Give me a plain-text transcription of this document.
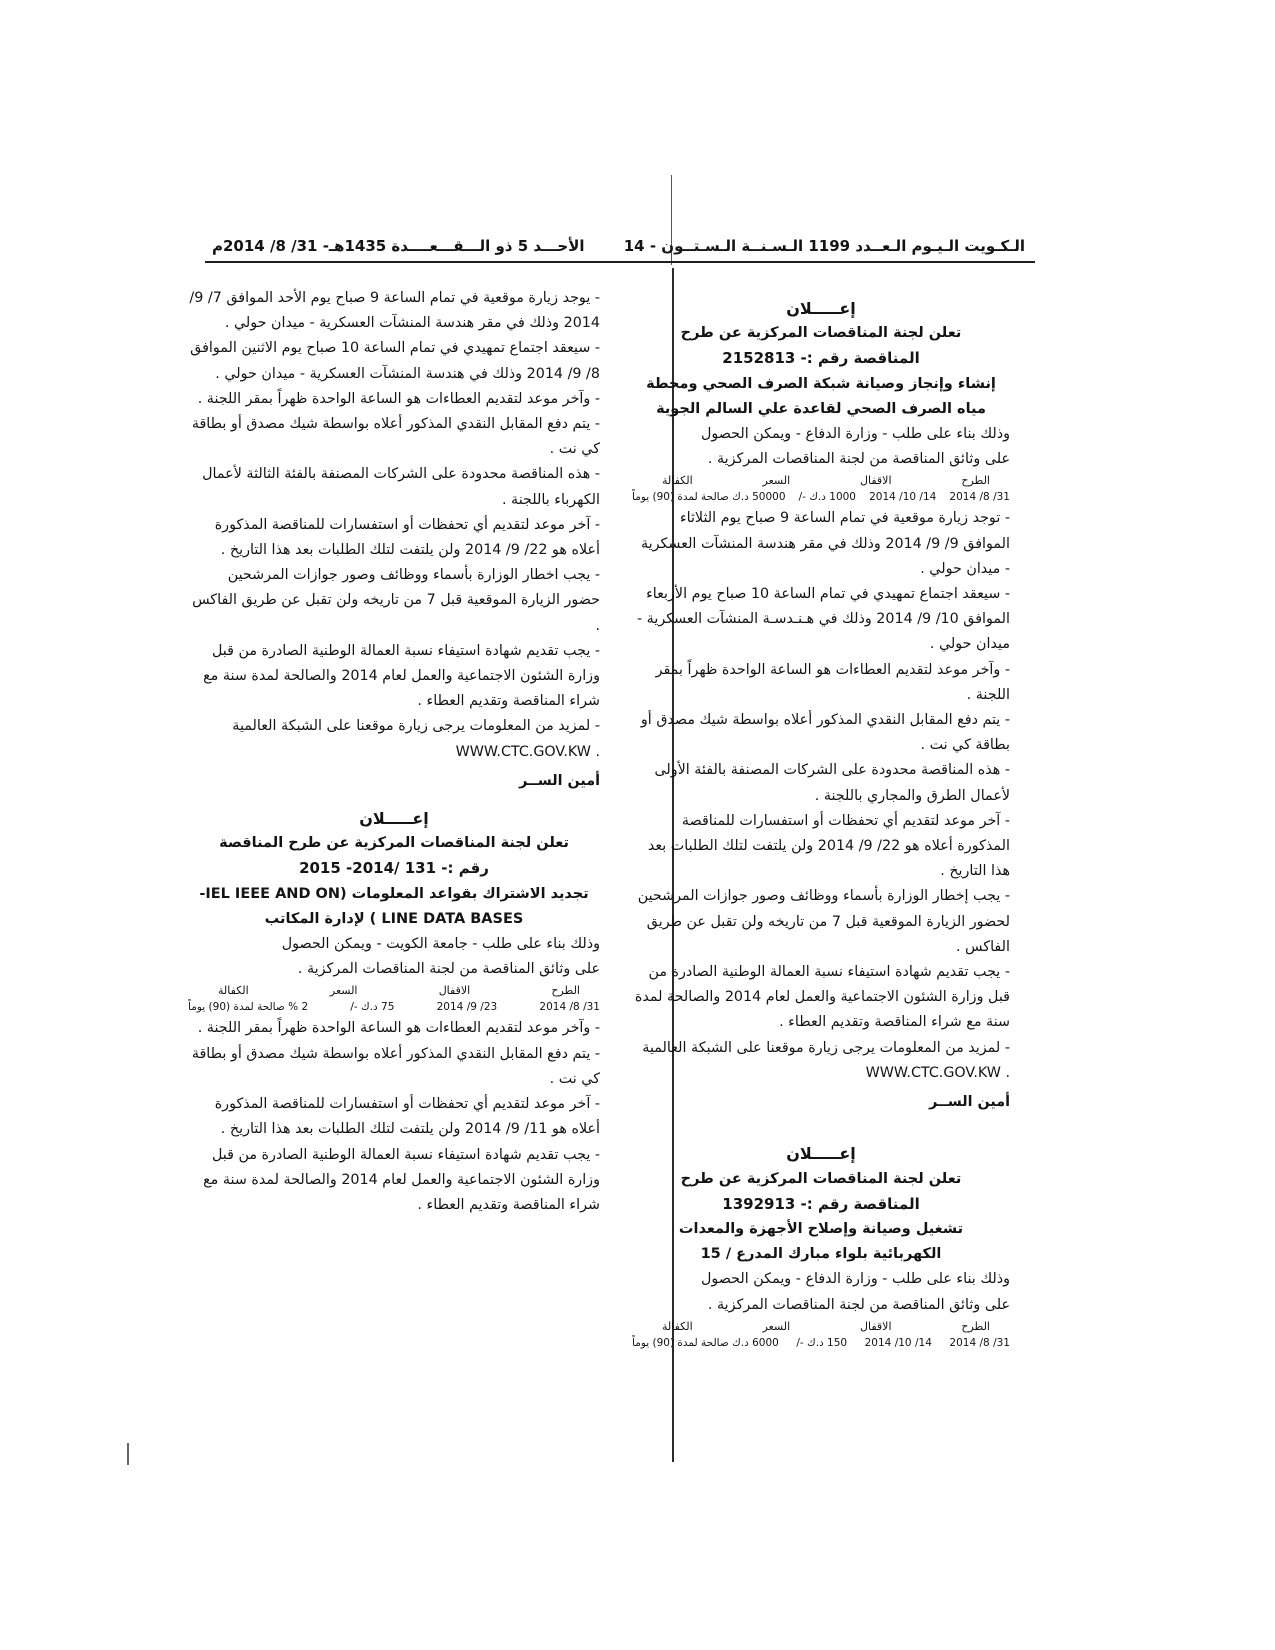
الـكـويت الـيـوم الـعــدد 1199 الـسـنــة الـسـتــون - 14
الأحـــد 5 ذو الـــقـــعــــدة 1435هـ- 31/ 8/ 2014م
إعـــــلان
تعلن لجنة المناقصات المركزية عن طرح
المناقصة رقم :- 2152813
إنشاء وإنجاز وصيانة شبكة الصرف الصحي ومحطة
مياه الصرف الصحي لقاعدة علي السالم الجوية

وذلك بناء على طلب - وزارة الدفاع - ويمكن الحصول

على وثائق المناقصة من لجنة المناقصات المركزية .

الطرح
الاقفال
السعر
الكفالة
31/ 8/ 2014
14/ 10/ 2014
1000 د.ك -/
50000 د.ك صالحة لمدة (90) يوماً

- توجد زيارة موقعية في تمام الساعة 9 صباح يوم الثلاثاء الموافق 9/ 9/ 2014 وذلك في مقر هندسة المنشآت العسكرية - ميدان حولي .

- سيعقد اجتماع تمهيدي في تمام الساعة 10 صباح يوم الأربعاء الموافق 10/ 9/ 2014 وذلك في هـنـدسـة المنشآت العسكرية - ميدان حولي .

- وآخر موعد لتقديم العطاءات هو الساعة الواحدة ظهراً بمقر اللجنة .

- يتم دفع المقابل النقدي المذكور أعلاه بواسطة شيك مصدق أو بطاقة كي نت .

- هذه المناقصة محدودة على الشركات المصنفة بالفئة الأولى لأعمال الطرق والمجاري باللجنة .

- آخر موعد لتقديم أي تحفظات أو استفسارات للمناقصة المذكورة أعلاه هو 22/ 9/ 2014 ولن يلتفت لتلك الطلبات بعد هذا التاريخ .

- يجب إخطار الوزارة بأسماء ووظائف وصور جوازات المرشحين لحضور الزيارة الموقعية قبل 7 من تاريخه ولن تقبل عن طريق الفاكس .

- يجب تقديم شهادة استيفاء نسبة العمالة الوطنية الصادرة من قبل وزارة الشئون الاجتماعية والعمل لعام 2014 والصالحة لمدة سنة مع شراء المناقصة وتقديم العطاء .

- لمزيد من المعلومات يرجى زيارة موقعنا على الشبكة العالمية

WWW.CTC.GOV.KW .

أمين الســر
إعـــــلان
تعلن لجنة المناقصات المركزية عن طرح
المناقصة رقم :- 1392913
تشغيل وصيانة وإصلاح الأجهزة والمعدات
الكهربائية بلواء مبارك المدرع / 15

وذلك بناء على طلب - وزارة الدفاع - ويمكن الحصول

على وثائق المناقصة من لجنة المناقصات المركزية .

الطرح
الاقفال
السعر
الكفالة
31/ 8/ 2014
14/ 10/ 2014
150 د.ك -/
6000 د.ك صالحة لمدة (90) يوماً

- يوجد زيارة موقعية في تمام الساعة 9 صباح يوم الأحد الموافق 7/ 9/ 2014 وذلك في مقر هندسة المنشآت العسكرية - ميدان حولي .

- سيعقد اجتماع تمهيدي في تمام الساعة 10 صباح يوم الاثنين الموافق 8/ 9/ 2014 وذلك في هندسة المنشآت العسكرية - ميدان حولي .

- وآخر موعد لتقديم العطاءات هو الساعة الواحدة ظهراً بمقر اللجنة .

- يتم دفع المقابل النقدي المذكور أعلاه بواسطة شيك مصدق أو بطاقة كي نت .

- هذه المناقصة محدودة على الشركات المصنفة بالفئة الثالثة لأعمال الكهرباء باللجنة .

- آخر موعد لتقديم أي تحفظات أو استفسارات للمناقصة المذكورة أعلاه هو 22/ 9/ 2014 ولن يلتفت لتلك الطلبات بعد هذا التاريخ .

- يجب اخطار الوزارة بأسماء ووظائف وصور جوازات المرشحين حضور الزيارة الموقعية قبل 7 من تاريخه ولن تقبل عن طريق الفاكس .

- يجب تقديم شهادة استيفاء نسبة العمالة الوطنية الصادرة من قبل وزارة الشئون الاجتماعية والعمل لعام 2014 والصالحة لمدة سنة مع شراء المناقصة وتقديم العطاء .

- لمزيد من المعلومات يرجى زيارة موقعنا على الشبكة العالمية

WWW.CTC.GOV.KW .

أمين الســر
إعـــــلان
تعلن لجنة المناقصات المركزية عن طرح المناقصة
رقم :- 131 /2014- 2015
تجديد الاشتراك بقواعد المعلومات (IEL IEEE AND ON-
LINE DATA BASES ) لإدارة المكاتب

وذلك بناء على طلب - جامعة الكويت - ويمكن الحصول

على وثائق المناقصة من لجنة المناقصات المركزية .

الطرح
الاقفال
السعر
الكفالة
31/ 8/ 2014
23/ 9/ 2014
75 د.ك -/
2 % صالحة لمدة (90) يوماً

- وآخر موعد لتقديم العطاءات هو الساعة الواحدة ظهراً بمقر اللجنة .

- يتم دفع المقابل النقدي المذكور أعلاه بواسطة شيك مصدق أو بطاقة كي نت .

- آخر موعد لتقديم أي تحفظات أو استفسارات للمناقصة المذكورة أعلاه هو 11/ 9/ 2014 ولن يلتفت لتلك الطلبات بعد هذا التاريخ .

- يجب تقديم شهادة استيفاء نسبة العمالة الوطنية الصادرة من قبل وزارة الشئون الاجتماعية والعمل لعام 2014 والصالحة لمدة سنة مع شراء المناقصة وتقديم العطاء .
